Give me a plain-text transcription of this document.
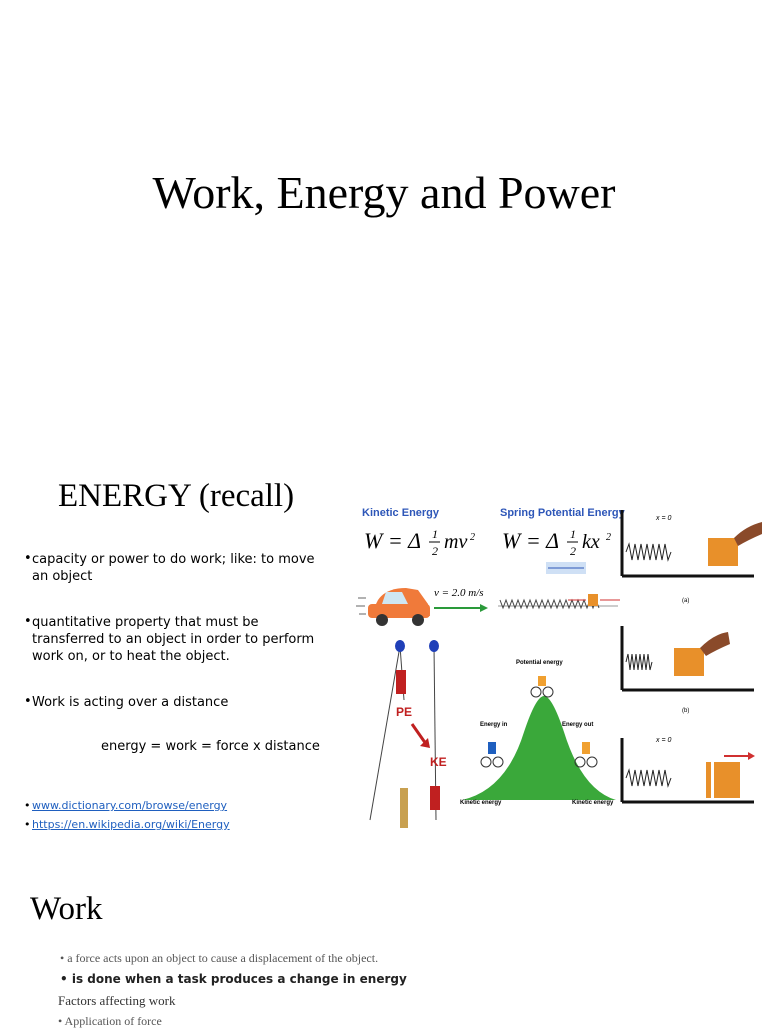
Work, Energy and Power
ENERGY (recall)
• capacity or power to do work; like: to move an object
• quantitative property that must be transferred to an object in order to perform work on, or to heat the object.
• Work is acting over a distance
energy = work = force x distance
• www.dictionary.com/browse/energy
• https://en.wikipedia.org/wiki/Energy
Kinetic Energy	Spring Potential Energy
W = Δ 1
2 mv 2 W = Δ 1
2 kx 2
v = 2.0 m/s
x = 0
(a)
(b)
x = 0
PE
KE
Potential energy
Energy in	Energy out
Kinetic energy	Kinetic energy
Work
• a force acts upon an object to cause a displacement of the object.
• is done when a task produces a change in energy
Factors affecting work
• Application of force
